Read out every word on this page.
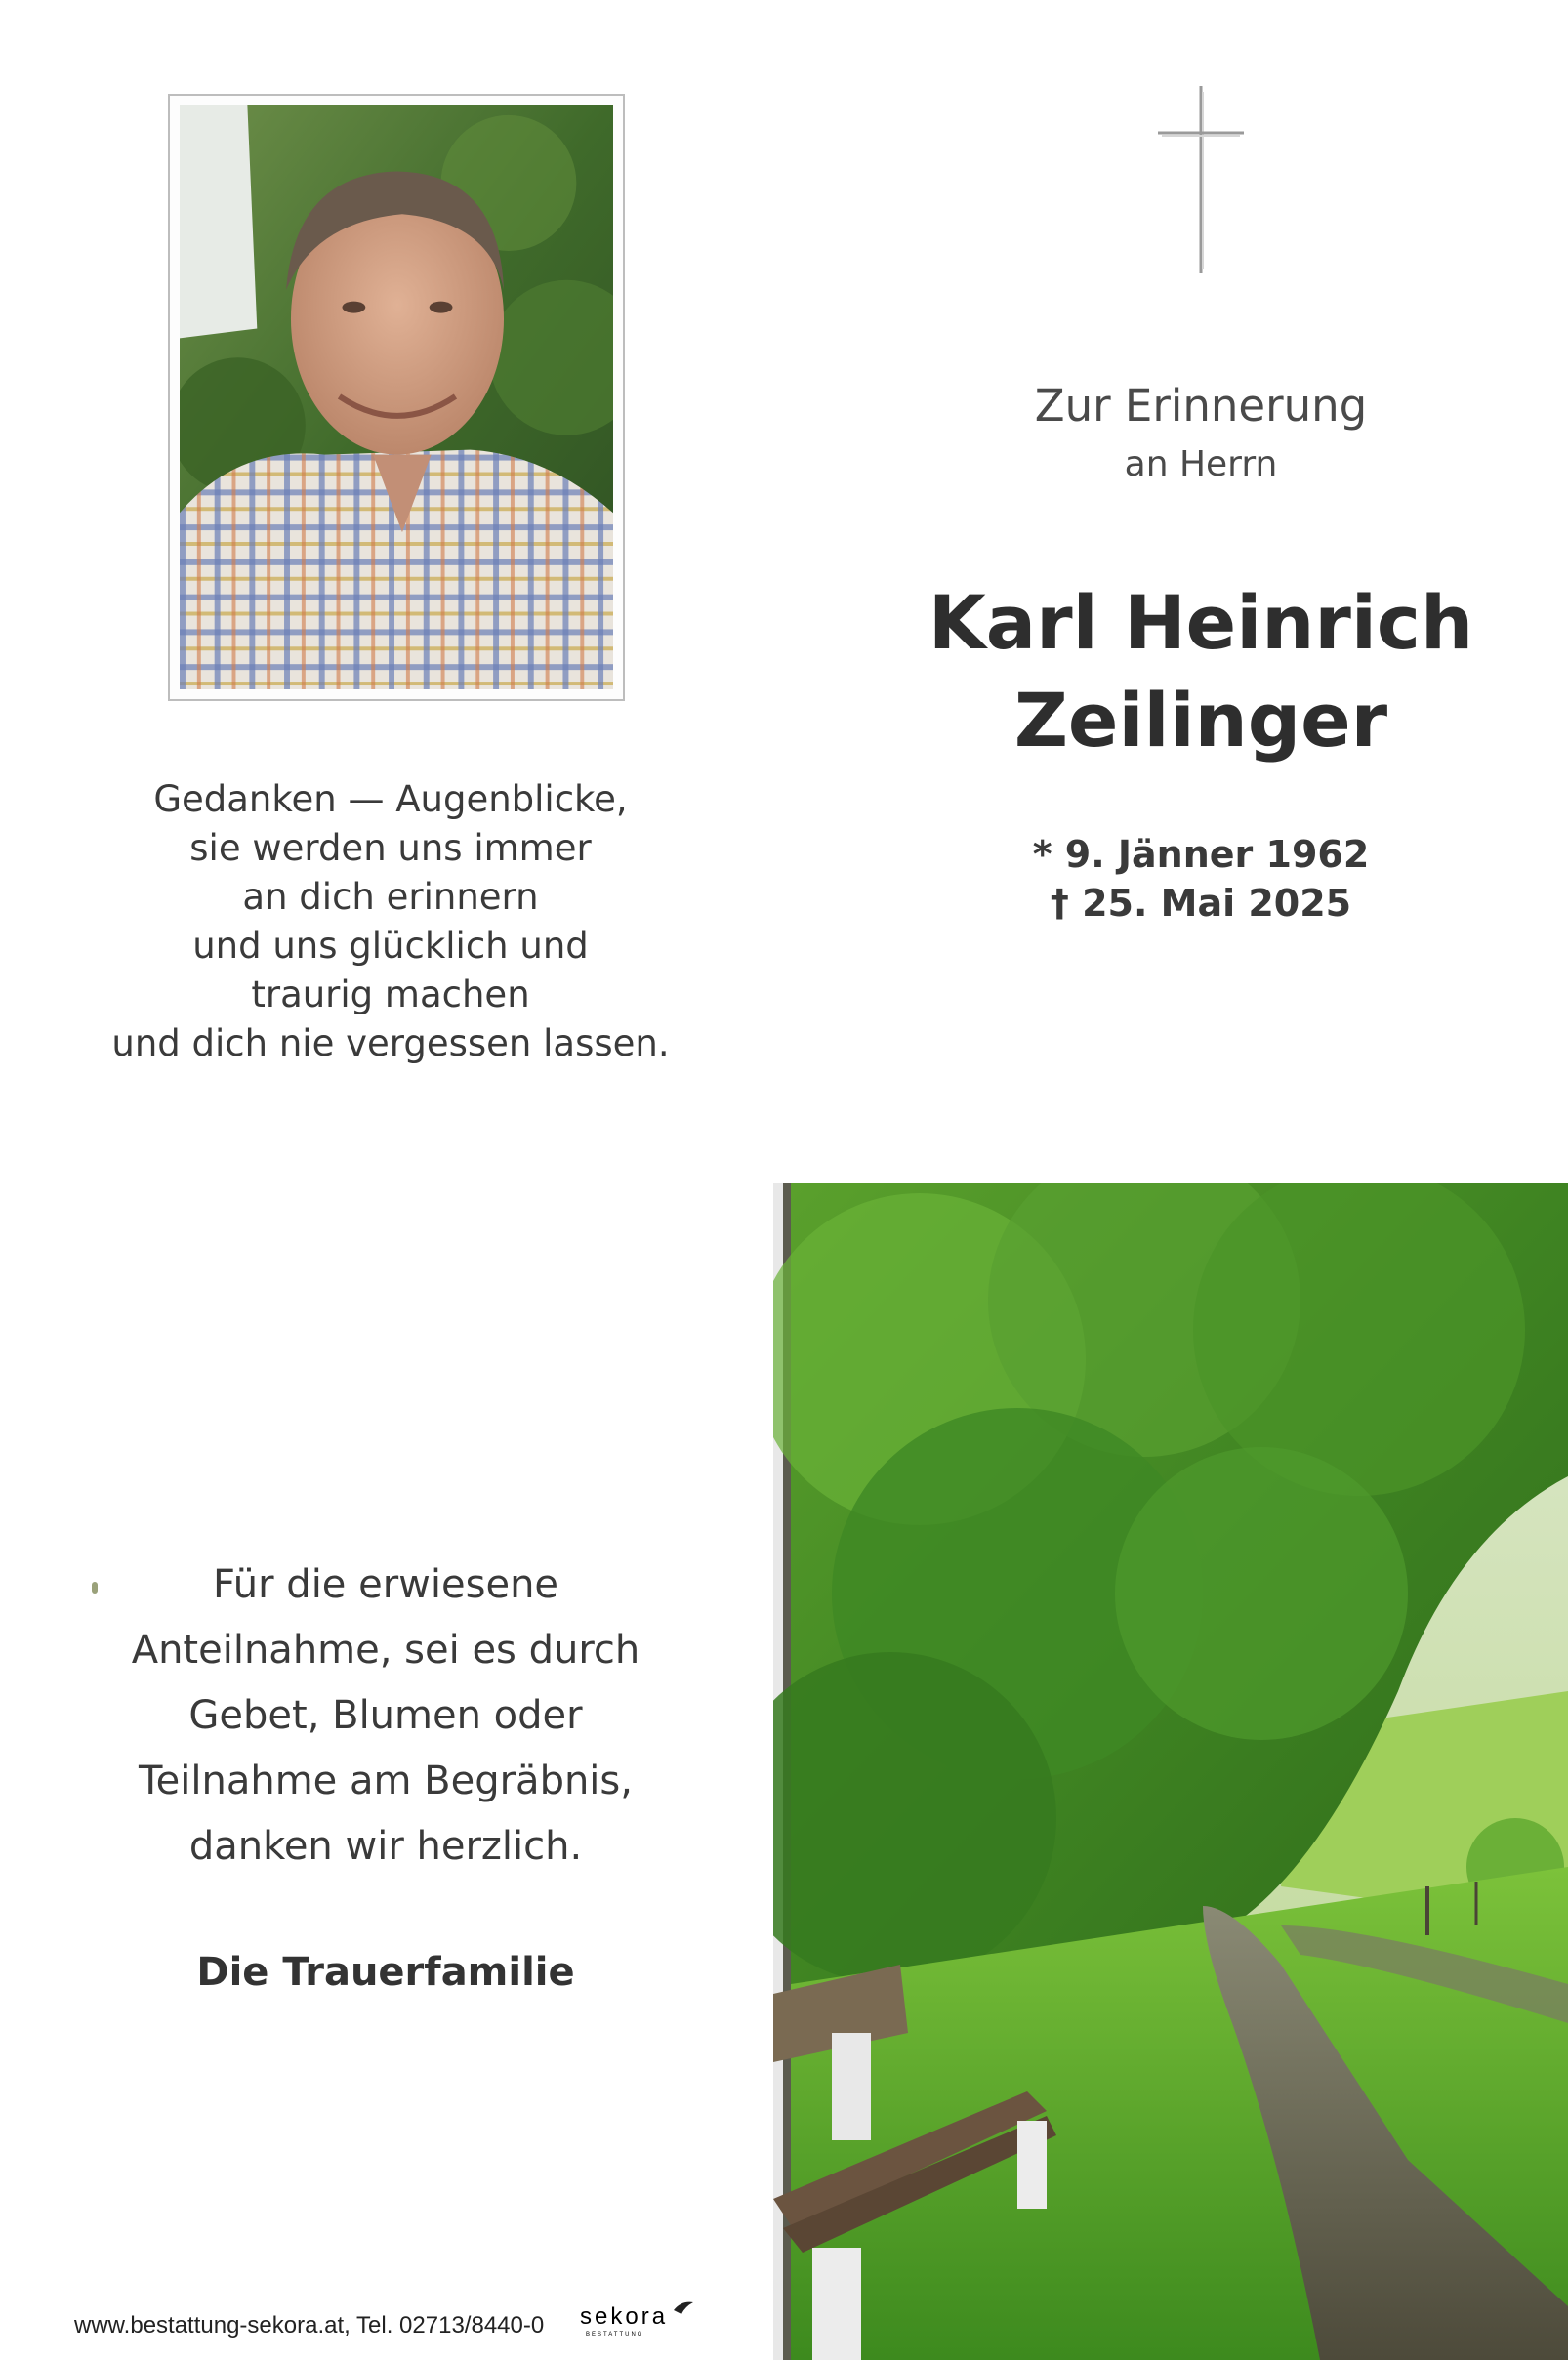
Zur Erinnerung
an Herrn
Karl Heinrich
Zeilinger
* 9. Jänner 1962
† 25. Mai 2025
Gedanken — Augenblicke,
sie werden uns immer
an dich erinnern
und uns glücklich und
traurig machen
und dich nie vergessen lassen.
Für die erwiesene
Anteilnahme, sei es durch
Gebet, Blumen oder
Teilnahme am Begräbnis,
danken wir herzlich.
Die Trauerfamilie
www.bestattung-sekora.at, Tel. 02713/8440-0 sekora
BESTATTUNG
